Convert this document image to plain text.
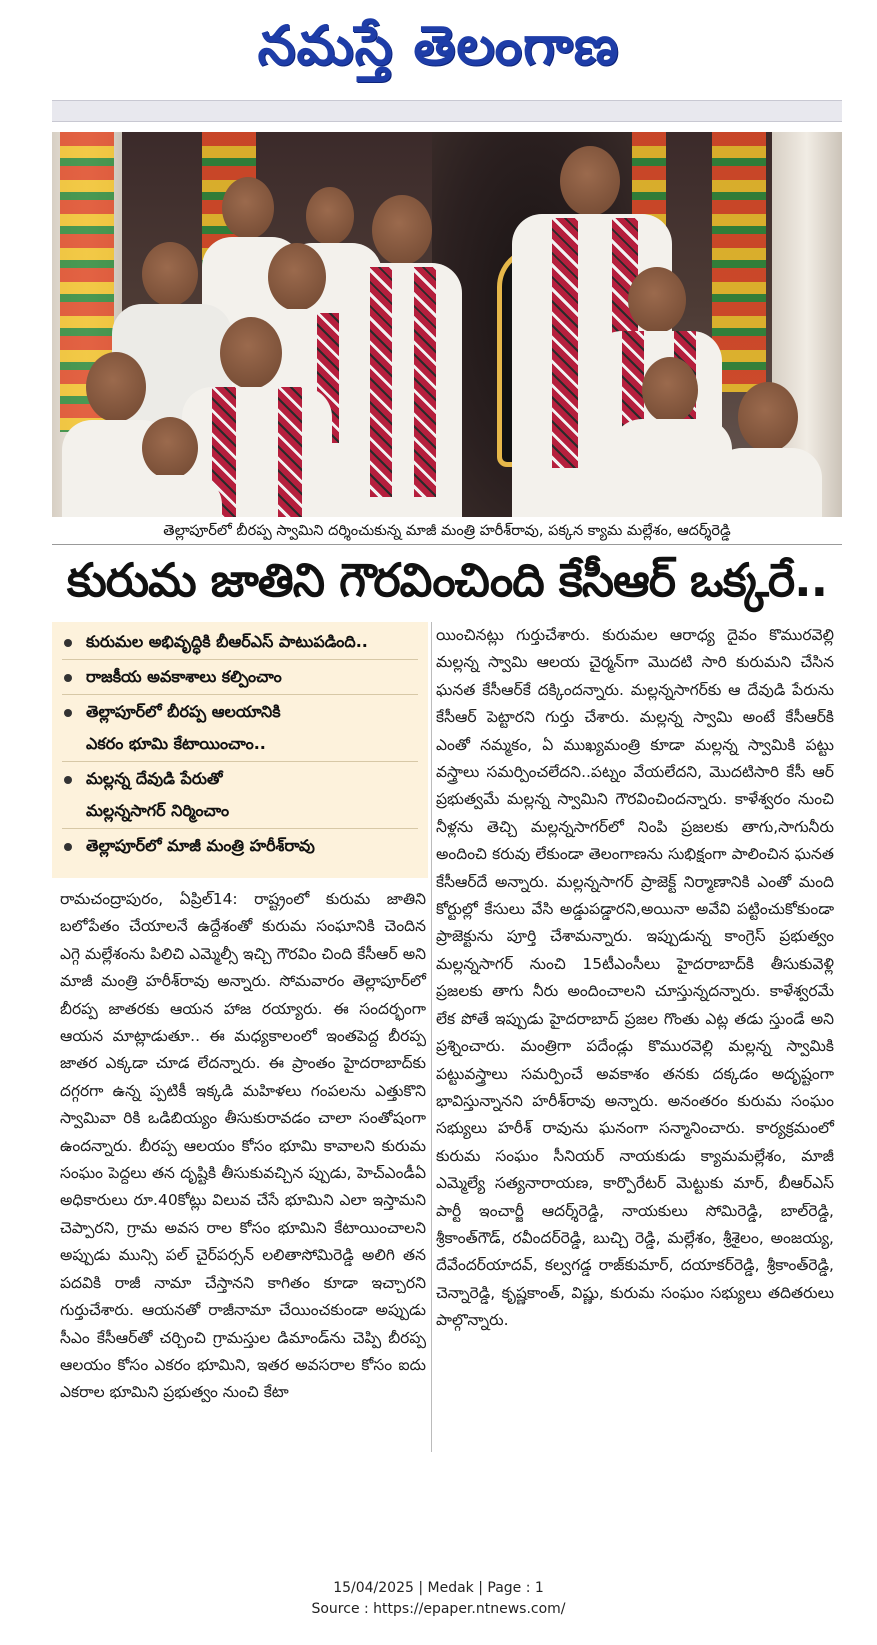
నమస్తే తెలంగాణ
తెల్లాపూర్‌లో బీరప్ప స్వామిని దర్శించుకున్న మాజీ మంత్రి హరీశ్‌రావు, పక్కన క్యామ మల్లేశం, ఆదర్శ్‌రెడ్డి
కురుమ జాతిని గౌరవించింది కేసీఆర్‌ ఒక్కరే..
కురుమల అభివృద్ధికి బీఆర్‌ఎస్‌ పాటుపడింది..
రాజకీయ అవకాశాలు కల్పించాం
తెల్లాపూర్‌లో బీరప్ప ఆలయానికి ఎకరం భూమి కేటాయించాం..
మల్లన్న దేవుడి పేరుతో మల్లన్నసాగర్‌ నిర్మించాం
తెల్లాపూర్‌లో మాజీ మంత్రి హరీశ్‌రావు
రామచంద్రాపురం, ఏప్రిల్‌14: రాష్ట్రంలో కురుమ జాతిని బలోపేతం చేయాలనే ఉద్దేశంతో కురుమ సంఘానికి చెందిన ఎగ్గె మల్లేశంను పిలిచి ఎమ్మెల్సీ ఇచ్చి గౌరవిం చింది కేసీఆర్‌ అని మాజీ మంత్రి హరీశ్‌రావు అన్నారు. సోమవారం తెల్లాపూర్‌లో బీరప్ప జాతరకు ఆయన హాజ రయ్యారు. ఈ సందర్భంగా ఆయన మాట్లాడుతూ.. ఈ మధ్యకాలంలో ఇంతపెద్ద బీరప్ప జాతర ఎక్కడా చూడ లేదన్నారు. ఈ ప్రాంతం హైదరాబాద్‌కు దగ్గరగా ఉన్న ప్పటికీ ఇక్కడి మహిళలు గంపలను ఎత్తుకొని స్వామివా రికి ఒడిబియ్యం తీసుకురావడం చాలా సంతోషంగా ఉందన్నారు. బీరప్ప ఆలయం కోసం భూమి కావాలని కురుమ సంఘం పెద్దలు తన దృష్టికి తీసుకువచ్చిన ప్పుడు, హెచ్‌ఎండీఏ అధికారులు రూ.40కోట్లు విలువ చేసే భూమిని ఎలా ఇస్తామని చెప్పారని, గ్రామ అవస రాల కోసం భూమిని కేటాయించాలని అప్పుడు మున్సి పల్‌ చైర్‌పర్సన్‌ లలితాసోమిరెడ్డి అలిగి తన పదవికి రాజీ నామా చేస్తానని కాగితం కూడా ఇచ్చారని గుర్తుచేశారు. ఆయనతో రాజీనామా చేయించకుండా అప్పుడు సీఎం కేసీఆర్‌తో చర్చించి గ్రామస్తుల డిమాండ్‌ను చెప్పి బీరప్ప ఆలయం కోసం ఎకరం భూమిని, ఇతర అవసరాల కోసం ఐదు ఎకరాల భూమిని ప్రభుత్వం నుంచి కేటా
యించినట్లు గుర్తుచేశారు. కురుమల ఆరాధ్య దైవం కొమురవెల్లి మల్లన్న స్వామి ఆలయ చైర్మన్‌గా మొదటి సారి కురుమని చేసిన ఘనత కేసీఆర్‌కే దక్కిందన్నారు. మల్లన్నసాగర్‌కు ఆ దేవుడి పేరును కేసీఆర్‌ పెట్టారని గుర్తు చేశారు. మల్లన్న స్వామి అంటే కేసీఆర్‌కి ఎంతో నమ్మకం, ఏ ముఖ్యమంత్రి కూడా మల్లన్న స్వామికి పట్టు వస్త్రాలు సమర్పించలేదని..పట్నం వేయలేదని, మొదటిసారి కేసీ ఆర్‌ ప్రభుత్వమే మల్లన్న స్వామిని గౌరవించిందన్నారు. కాళేశ్వరం నుంచి నీళ్లను తెచ్చి మల్లన్నసాగర్‌లో నింపి ప్రజలకు తాగు,సాగునీరు అందించి కరువు లేకుండా తెలంగాణను సుభిక్షంగా పాలించిన ఘనత కేసీఆర్‌దే అన్నారు. మల్లన్నసాగర్‌ ప్రాజెక్ట్‌ నిర్మాణానికి ఎంతో మంది కోర్టుల్లో కేసులు వేసి అడ్డుపడ్డారని,అయినా అవేవి పట్టించుకోకుండా ప్రాజెక్టును పూర్తి చేశామన్నారు. ఇప్పుడున్న కాంగ్రెస్‌ ప్రభుత్వం మల్లన్నసాగర్‌ నుంచి 15టీఎంసీలు హైదరాబాద్‌కి తీసుకువెళ్లి ప్రజలకు తాగు నీరు అందించాలని చూస్తున్నదన్నారు. కాళేశ్వరమే లేక పోతే ఇప్పుడు హైదరాబాద్‌ ప్రజల గొంతు ఎట్ల తడు స్తుండే అని ప్రశ్నించారు. మంత్రిగా పదేండ్లు కొమురవెల్లి మల్లన్న స్వామికి పట్టువస్త్రాలు సమర్పించే అవకాశం తనకు దక్కడం అదృష్టంగా భావిస్తున్నానని హరీశ్‌రావు అన్నారు. అనంతరం కురుమ సంఘం సభ్యులు హరీశ్‌ రావును ఘనంగా సన్మానించారు. కార్యక్రమంలో కురుమ సంఘం సీనియర్‌ నాయకుడు క్యామమల్లేశం, మాజీ ఎమ్మెల్యే సత్యనారాయణ, కార్పొరేటర్‌ మెట్టుకు మార్‌, బీఆర్‌ఎస్‌ పార్టీ ఇంచార్జీ ఆదర్శ్‌రెడ్డి, నాయకులు సోమిరెడ్డి, బాల్‌రెడ్డి, శ్రీకాంత్‌గౌడ్‌, రవీందర్‌రెడ్డి, బుచ్చి రెడ్డి, మల్లేశం, శ్రీశైలం, అంజయ్య, దేవేందర్‌యాదవ్‌, కల్వగడ్డ రాజ్‌కుమార్‌, దయాకర్‌రెడ్డి, శ్రీకాంత్‌రెడ్డి, చెన్నారెడ్డి, కృష్ణకాంత్‌, విష్ణు, కురుమ సంఘం సభ్యులు తదితరులు పాల్గొన్నారు.
15/04/2025 | Medak | Page : 1
Source : https://epaper.ntnews.com/
